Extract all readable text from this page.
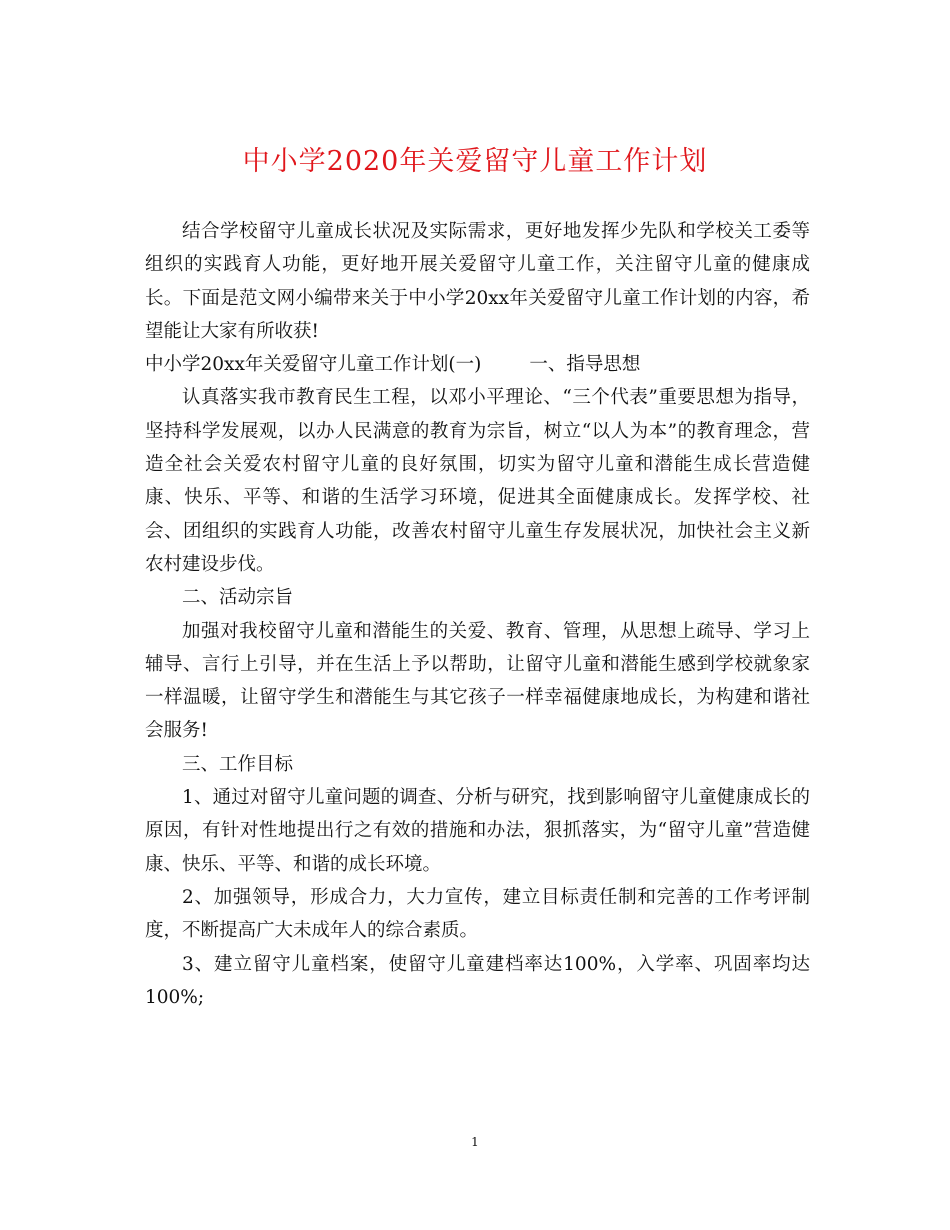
中小学2020年关爱留守儿童工作计划

结合学校留守儿童成长状况及实际需求，更好地发挥少先队和学校关工委等组织的实践育人功能，更好地开展关爱留守儿童工作，关注留守儿童的健康成长。下面是范文网小编带来关于中小学20xx年关爱留守儿童工作计划的内容，希望能让大家有所收获!

中小学20xx年关爱留守儿童工作计划(一)	一、指导思想

认真落实我市教育民生工程，以邓小平理论、“三个代表”重要思想为指导，坚持科学发展观，以办人民满意的教育为宗旨，树立“以人为本”的教育理念，营造全社会关爱农村留守儿童的良好氛围，切实为留守儿童和潜能生成长营造健康、快乐、平等、和谐的生活学习环境，促进其全面健康成长。发挥学校、社会、团组织的实践育人功能，改善农村留守儿童生存发展状况，加快社会主义新农村建设步伐。

二、活动宗旨

加强对我校留守儿童和潜能生的关爱、教育、管理，从思想上疏导、学习上辅导、言行上引导，并在生活上予以帮助，让留守儿童和潜能生感到学校就象家一样温暖，让留守学生和潜能生与其它孩子一样幸福健康地成长，为构建和谐社会服务!

三、工作目标

1、通过对留守儿童问题的调查、分析与研究，找到影响留守儿童健康成长的原因，有针对性地提出行之有效的措施和办法，狠抓落实，为“留守儿童”营造健康、快乐、平等、和谐的成长环境。

2、加强领导，形成合力，大力宣传，建立目标责任制和完善的工作考评制度，不断提高广大未成年人的综合素质。

3、建立留守儿童档案，使留守儿童建档率达100%，入学率、巩固率均达100%;

1
